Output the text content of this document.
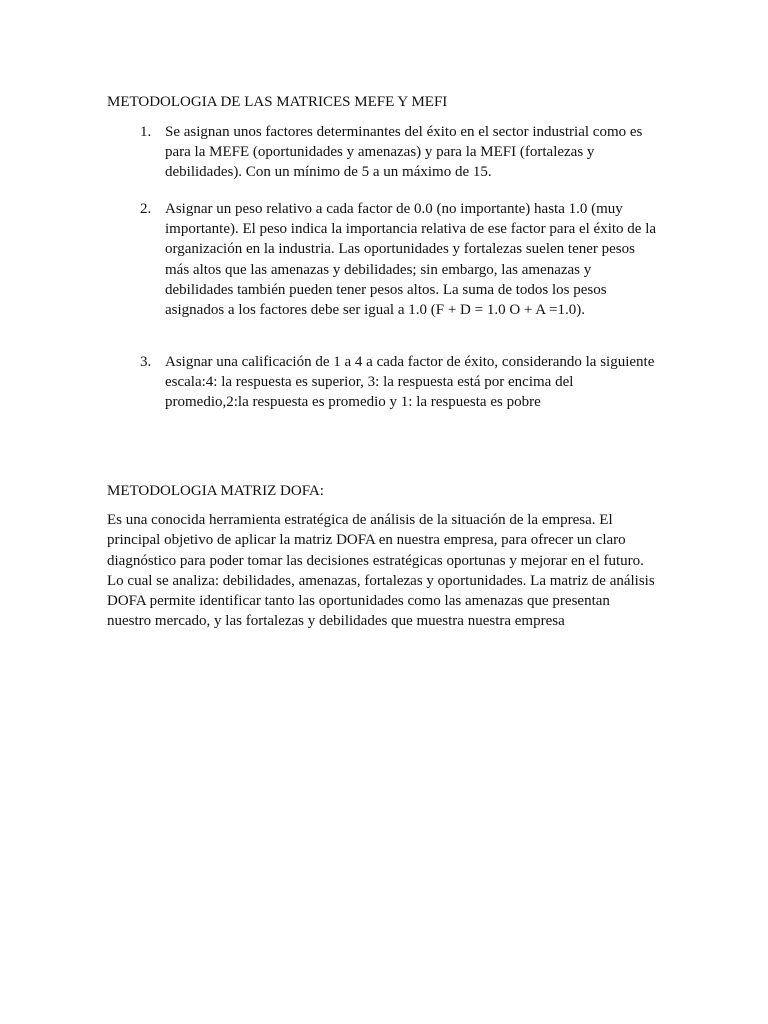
METODOLOGIA DE LAS MATRICES MEFE Y MEFI
1. Se asignan unos factores determinantes del éxito en el sector industrial como es
para la MEFE (oportunidades y amenazas) y para la MEFI (fortalezas y
debilidades). Con un mínimo de 5 a un máximo de 15.
2. Asignar un peso relativo a cada factor de 0.0 (no importante) hasta 1.0 (muy
importante). El peso indica la importancia relativa de ese factor para el éxito de la
organización en la industria. Las oportunidades y fortalezas suelen tener pesos
más altos que las amenazas y debilidades; sin embargo, las amenazas y
debilidades también pueden tener pesos altos. La suma de todos los pesos
asignados a los factores debe ser igual a 1.0 (F + D = 1.0 O + A =1.0).
3. Asignar una calificación de 1 a 4 a cada factor de éxito, considerando la siguiente
escala:4: la respuesta es superior, 3: la respuesta está por encima del
promedio,2:la respuesta es promedio y 1: la respuesta es pobre
METODOLOGIA MATRIZ DOFA:
Es una conocida herramienta estratégica de análisis de la situación de la empresa. El
principal objetivo de aplicar la matriz DOFA en nuestra empresa, para ofrecer un claro
diagnóstico para poder tomar las decisiones estratégicas oportunas y mejorar en el futuro.
Lo cual se analiza: debilidades, amenazas, fortalezas y oportunidades. La matriz de análisis
DOFA permite identificar tanto las oportunidades como las amenazas que presentan
nuestro mercado, y las fortalezas y debilidades que muestra nuestra empresa
